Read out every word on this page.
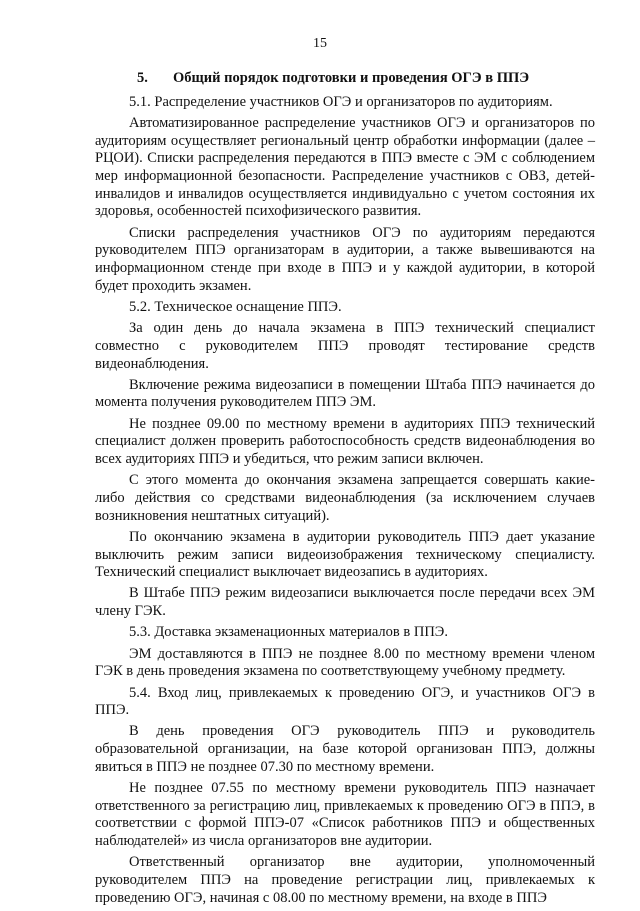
15
5. Общий порядок подготовки и проведения ОГЭ в ППЭ

5.1. Распределение участников ОГЭ и организаторов по аудиториям.

Автоматизированное распределение участников ОГЭ и организаторов по аудиториям осуществляет региональный центр обработки информации (далее – РЦОИ). Списки распределения передаются в ППЭ вместе с ЭМ с соблюдением мер информационной безопасности. Распределение участников с ОВЗ, детей-инвалидов и инвалидов осуществляется индивидуально с учетом состояния их здоровья, особенностей психофизического развития.

Списки распределения участников ОГЭ по аудиториям передаются руководителем ППЭ организаторам в аудитории, а также вывешиваются на информационном стенде при входе в ППЭ и у каждой аудитории, в которой будет проходить экзамен.

5.2. Техническое оснащение ППЭ.

За один день до начала экзамена в ППЭ технический специалист совместно с руководителем ППЭ проводят тестирование средств видеонаблюдения.

Включение режима видеозаписи в помещении Штаба ППЭ начинается до момента получения руководителем ППЭ ЭМ.

Не позднее 09.00 по местному времени в аудиториях ППЭ технический специалист должен проверить работоспособность средств видеонаблюдения во всех аудиториях ППЭ и убедиться, что режим записи включен.

С этого момента до окончания экзамена запрещается совершать какие-либо действия со средствами видеонаблюдения (за исключением случаев возникновения нештатных ситуаций).

По окончанию экзамена в аудитории руководитель ППЭ дает указание выключить режим записи видеоизображения техническому специалисту. Технический специалист выключает видеозапись в аудиториях.

В Штабе ППЭ режим видеозаписи выключается после передачи всех ЭМ члену ГЭК.

5.3. Доставка экзаменационных материалов в ППЭ.

ЭМ доставляются в ППЭ не позднее 8.00 по местному времени членом ГЭК в день проведения экзамена по соответствующему учебному предмету.

5.4. Вход лиц, привлекаемых к проведению ОГЭ, и участников ОГЭ в ППЭ.

В день проведения ОГЭ руководитель ППЭ и руководитель образовательной организации, на базе которой организован ППЭ, должны явиться в ППЭ не позднее 07.30 по местному времени.

Не позднее 07.55 по местному времени руководитель ППЭ назначает ответственного за регистрацию лиц, привлекаемых к проведению ОГЭ в ППЭ, в соответствии с формой ППЭ-07 «Список работников ППЭ и общественных наблюдателей» из числа организаторов вне аудитории.

Ответственный организатор вне аудитории, уполномоченный руководителем ППЭ на проведение регистрации лиц, привлекаемых к проведению ОГЭ, начиная с 08.00 по местному времени, на входе в ППЭ
